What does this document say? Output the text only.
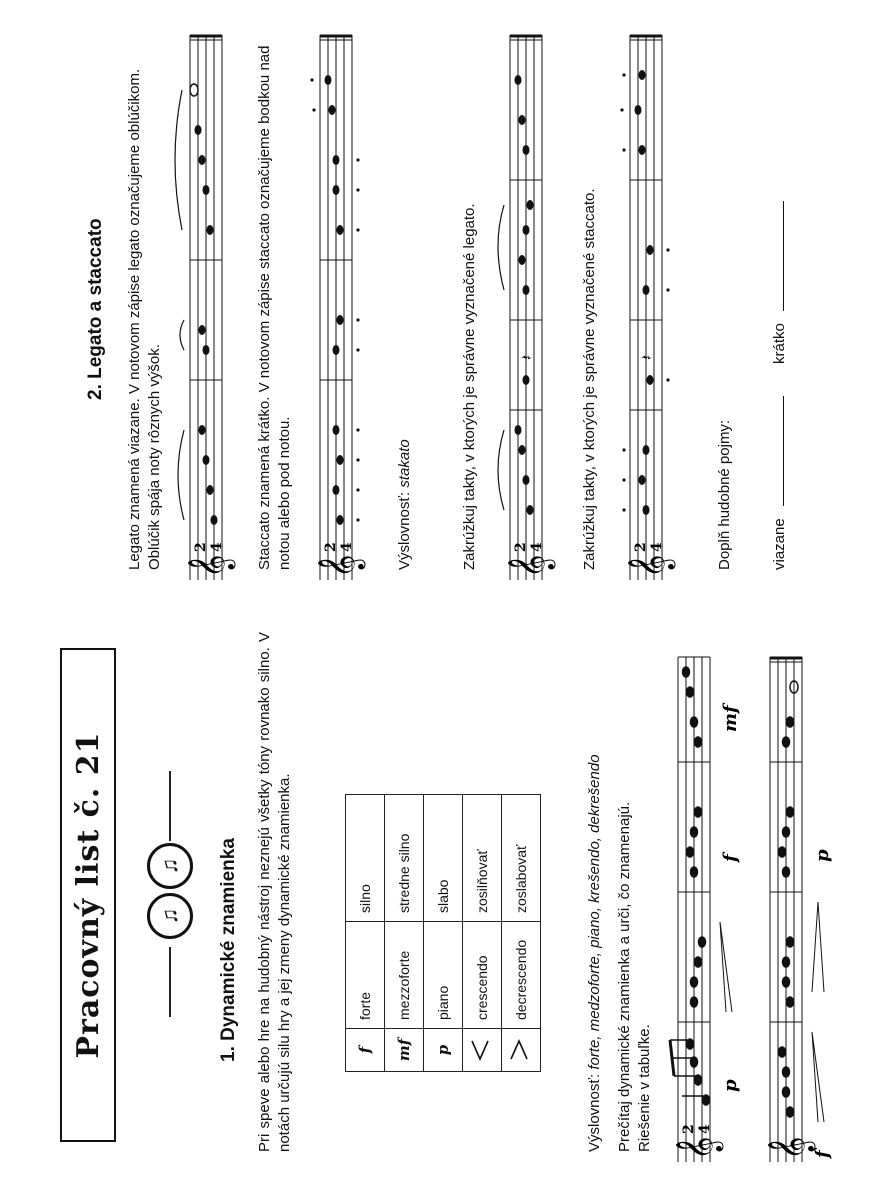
Pracovný list č. 21	♫
♫	1. Dynamické znamienka Pri speve alebo hre na hudobný nástroj neznejú všetky tóny rovnako silno. V notách určujú silu hry a jej zmeny dynamické znamienka.	f	forte	silno
mf	mezzoforte	stredne silno
p	piano	slabo
	crescendo	zosilňovať
	decrescendo	zoslabovať
Výslovnosť: forte, medzoforte, piano, krešendo, dekrešendo Prečítaj dynamické znamienka a urči, čo znamenajú. Riešenie v tabuľke. 𝄞
2 4
p
f
mf
𝄞
f
p
2. Legato a staccato Legato znamená viazane. V notovom zápise legato označujeme oblúčikom. Oblúčik spája noty rôznych výšok. 𝄞
2 4 Staccato znamená krátko. V notovom zápise staccato označujeme bodkou nad notou alebo pod notou. 𝄞
2 4	Výslovnosť: stakato	Zakrúžkuj takty, v ktorých je správne vyznačené legato. 𝄞
2 4
𝄽	Zakrúžkuj takty, v ktorých je správne vyznačené staccato. 𝄞
2 4
𝄽
Doplň hudobné pojmy:	viazane  krátko
